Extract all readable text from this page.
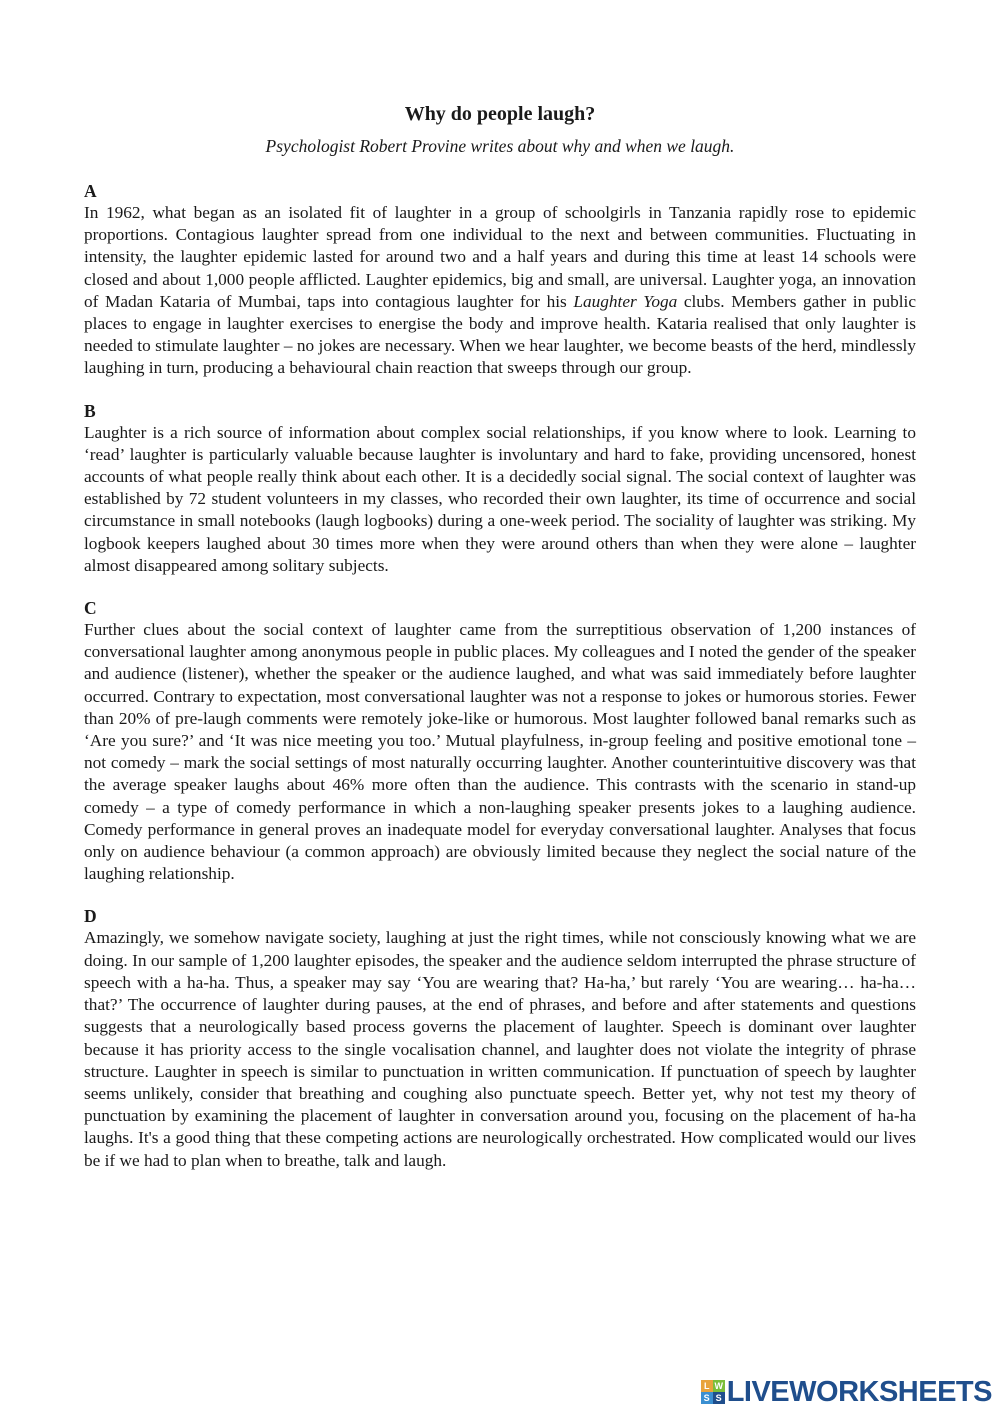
Why do people laugh?

Psychologist Robert Provine writes about why and when we laugh.

A

In 1962, what began as an isolated fit of laughter in a group of schoolgirls in Tanzania rapidly rose to epidemic proportions. Contagious laughter spread from one individual to the next and between communities. Fluctuating in intensity, the laughter epidemic lasted for around two and a half years and during this time at least 14 schools were closed and about 1,000 people afflicted. Laughter epidemics, big and small, are universal. Laughter yoga, an innovation of Madan Kataria of Mumbai, taps into contagious laughter for his Laughter Yoga clubs. Members gather in public places to engage in laughter exercises to energise the body and improve health. Kataria realised that only laughter is needed to stimulate laughter – no jokes are necessary. When we hear laughter, we become beasts of the herd, mindlessly laughing in turn, producing a behavioural chain reaction that sweeps through our group.

B

Laughter is a rich source of information about complex social relationships, if you know where to look. Learning to ‘read’ laughter is particularly valuable because laughter is involuntary and hard to fake, providing uncensored, honest accounts of what people really think about each other. It is a decidedly social signal. The social context of laughter was established by 72 student volunteers in my classes, who recorded their own laughter, its time of occurrence and social circumstance in small notebooks (laugh logbooks) during a one-week period. The sociality of laughter was striking. My logbook keepers laughed about 30 times more when they were around others than when they were alone – laughter almost disappeared among solitary subjects.

C

Further clues about the social context of laughter came from the surreptitious observation of 1,200 instances of conversational laughter among anonymous people in public places. My colleagues and I noted the gender of the speaker and audience (listener), whether the speaker or the audience laughed, and what was said immediately before laughter occurred. Contrary to expectation, most conversational laughter was not a response to jokes or humorous stories. Fewer than 20% of pre-laugh comments were remotely joke-like or humorous. Most laughter followed banal remarks such as ‘Are you sure?’ and ‘It was nice meeting you too.’ Mutual playfulness, in-group feeling and positive emotional tone – not comedy – mark the social settings of most naturally occurring laughter. Another counterintuitive discovery was that the average speaker laughs about 46% more often than the audience. This contrasts with the scenario in stand-up comedy – a type of comedy performance in which a non-laughing speaker presents jokes to a laughing audience. Comedy performance in general proves an inadequate model for everyday conversational laughter. Analyses that focus only on audience behaviour (a common approach) are obviously limited because they neglect the social nature of the laughing relationship.

D

Amazingly, we somehow navigate society, laughing at just the right times, while not consciously knowing what we are doing. In our sample of 1,200 laughter episodes, the speaker and the audience seldom interrupted the phrase structure of speech with a ha-ha. Thus, a speaker may say ‘You are wearing that? Ha-ha,’ but rarely ‘You are wearing… ha-ha… that?’ The occurrence of laughter during pauses, at the end of phrases, and before and after statements and questions suggests that a neurologically based process governs the placement of laughter. Speech is dominant over laughter because it has priority access to the single vocalisation channel, and laughter does not violate the integrity of phrase structure. Laughter in speech is similar to punctuation in written communication. If punctuation of speech by laughter seems unlikely, consider that breathing and coughing also punctuate speech. Better yet, why not test my theory of punctuation by examining the placement of laughter in conversation around you, focusing on the placement of ha-ha laughs. It's a good thing that these competing actions are neurologically orchestrated. How complicated would our lives be if we had to plan when to breathe, talk and laugh.

L W
S S LIVEWORKSHEETS
